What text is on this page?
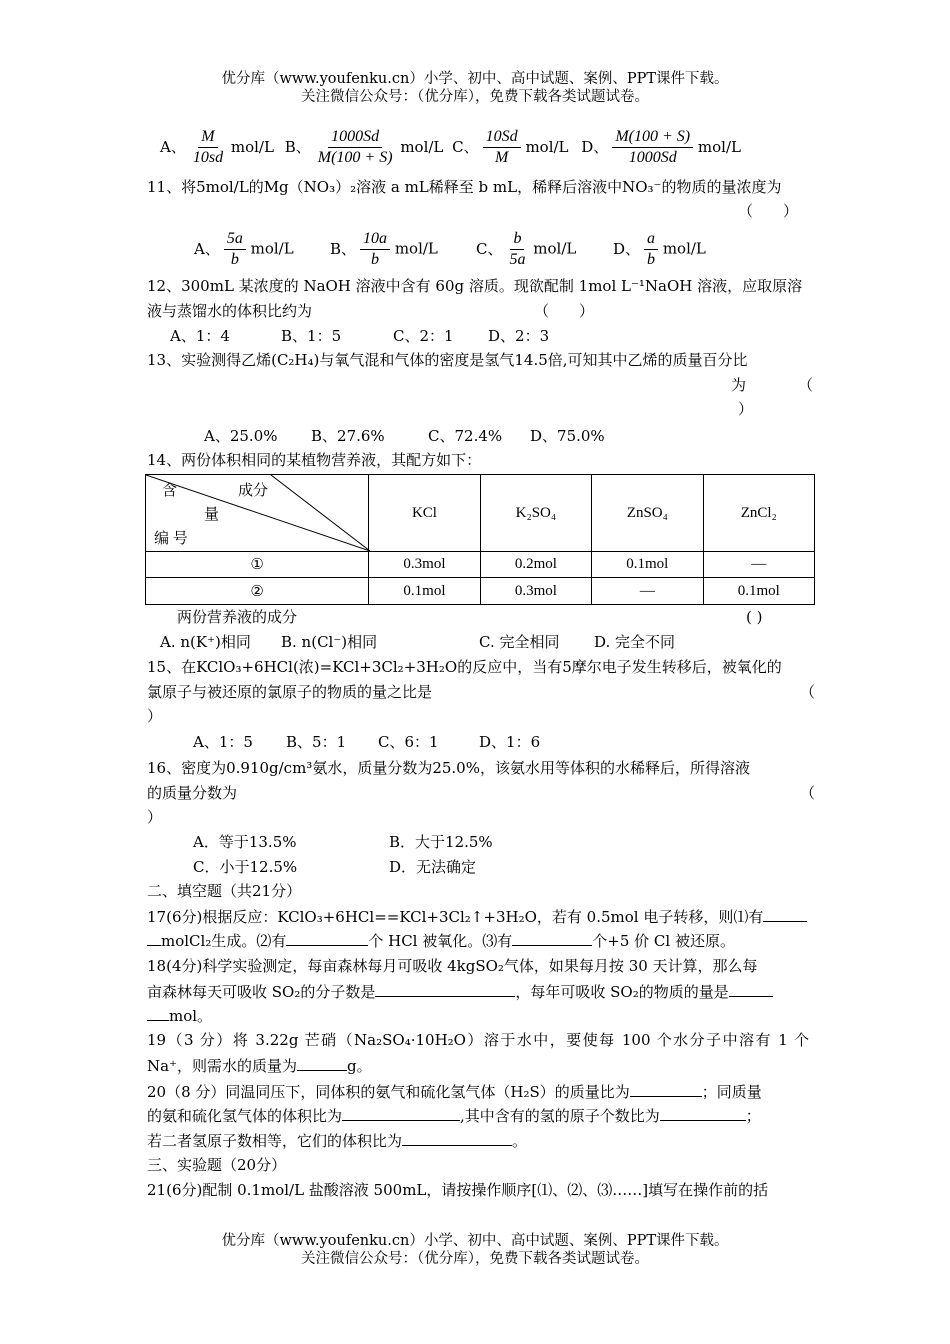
优分库（www.youfenku.cn）小学、初中、高中试题、案例、PPT课件下载。
关注微信公众号：（优分库），免费下载各类试题试卷。
A、 $\frac{M}{10sd} mol/L$ B、 $\frac{1000Sd}{M(100 + S)} mol/L$ C、 $\frac{10Sd}{M} mol/L$ D、 $\frac{M(100 + S)}{1000Sd} mol/L$
11、将5mol/L的Mg（NO₃）₂溶液 a mL稀释至 b mL，稀释后溶液中NO₃⁻的物质的量浓度为
（　　）
A、 $\frac{5a}{b} mol/L$ B、 $\frac{10a}{b} mol/L$	C、 $\frac{b}{5a} mol/L$ D、 $\frac{a}{b} mol/L$
12、300mL 某浓度的 NaOH 溶液中含有 60g 溶质。现欲配制 1mol L⁻¹NaOH 溶液，应取原溶
液与蒸馏水的体积比约为	（　　）
A、1：4	B、1：5	C、2：1 D、2：3
13、实验测得乙烯(C₂H₄)与氧气混和气体的密度是氢气14.5倍,可知其中乙烯的质量百分比
为	（
）
A、25.0% B、27.6%	C、72.4% D、75.0%
14、两份体积相同的某植物营养液，其配方如下：
含 成分
量
编 号	KCl	K₂SO₄	ZnSO₄	ZnCl₂
①	0.3mol	0.2mol	0.1mol	—
②	0.1mol	0.3mol	—	0.1mol
两份营养液的成分	( )
A. n(K⁺)相同 B. n(Cl⁻)相同	C. 完全相同 D. 完全不同
15、在KClO₃+6HCl(浓)=KCl+3Cl₂+3H₂O的反应中，当有5摩尔电子发生转移后，被氧化的
氯原子与被还原的氯原子的物质的量之比是	（
）
A、1：5 B、5：1 C、6：1	D、1：6
16、密度为0.910g/cm³氨水，质量分数为25.0%，该氨水用等体积的水稀释后，所得溶液
的质量分数为	（
）
A．等于13.5%	B．大于12.5%
C．小于12.5%	D．无法确定
二、填空题（共21分）
17(6分)根据反应：KClO₃+6HCl==KCl+3Cl₂↑+3H₂O，若有 0.5mol 电子转移，则⑴有
molCl₂生成。⑵有	个 HCl 被氧化。⑶有	个+5 价 Cl 被还原。
18(4分)科学实验测定，每亩森林每月可吸收 4kgSO₂气体，如果每月按 30 天计算，那么每
亩森林每天可吸收 SO₂的分子数是	，每年可吸收 SO₂的物质的量是
mol。
19（3 分）将 3.22g 芒硝（Na₂SO₄·10H₂O）溶于水中，要使每 100 个水分子中溶有 1 个
Na⁺，则需水的质量为	g。
20（8 分）同温同压下，同体积的氨气和硫化氢气体（H₂S）的质量比为	；同质量
的氨和硫化氢气体的体积比为	,其中含有的氢的原子个数比为	；
若二者氢原子数相等，它们的体积比为	。
三、实验题（20分）
21(6分)配制 0.1mol/L 盐酸溶液 500mL，请按操作顺序[⑴、⑵、⑶……]填写在操作前的括
优分库（www.youfenku.cn）小学、初中、高中试题、案例、PPT课件下载。
关注微信公众号：（优分库），免费下载各类试题试卷。
